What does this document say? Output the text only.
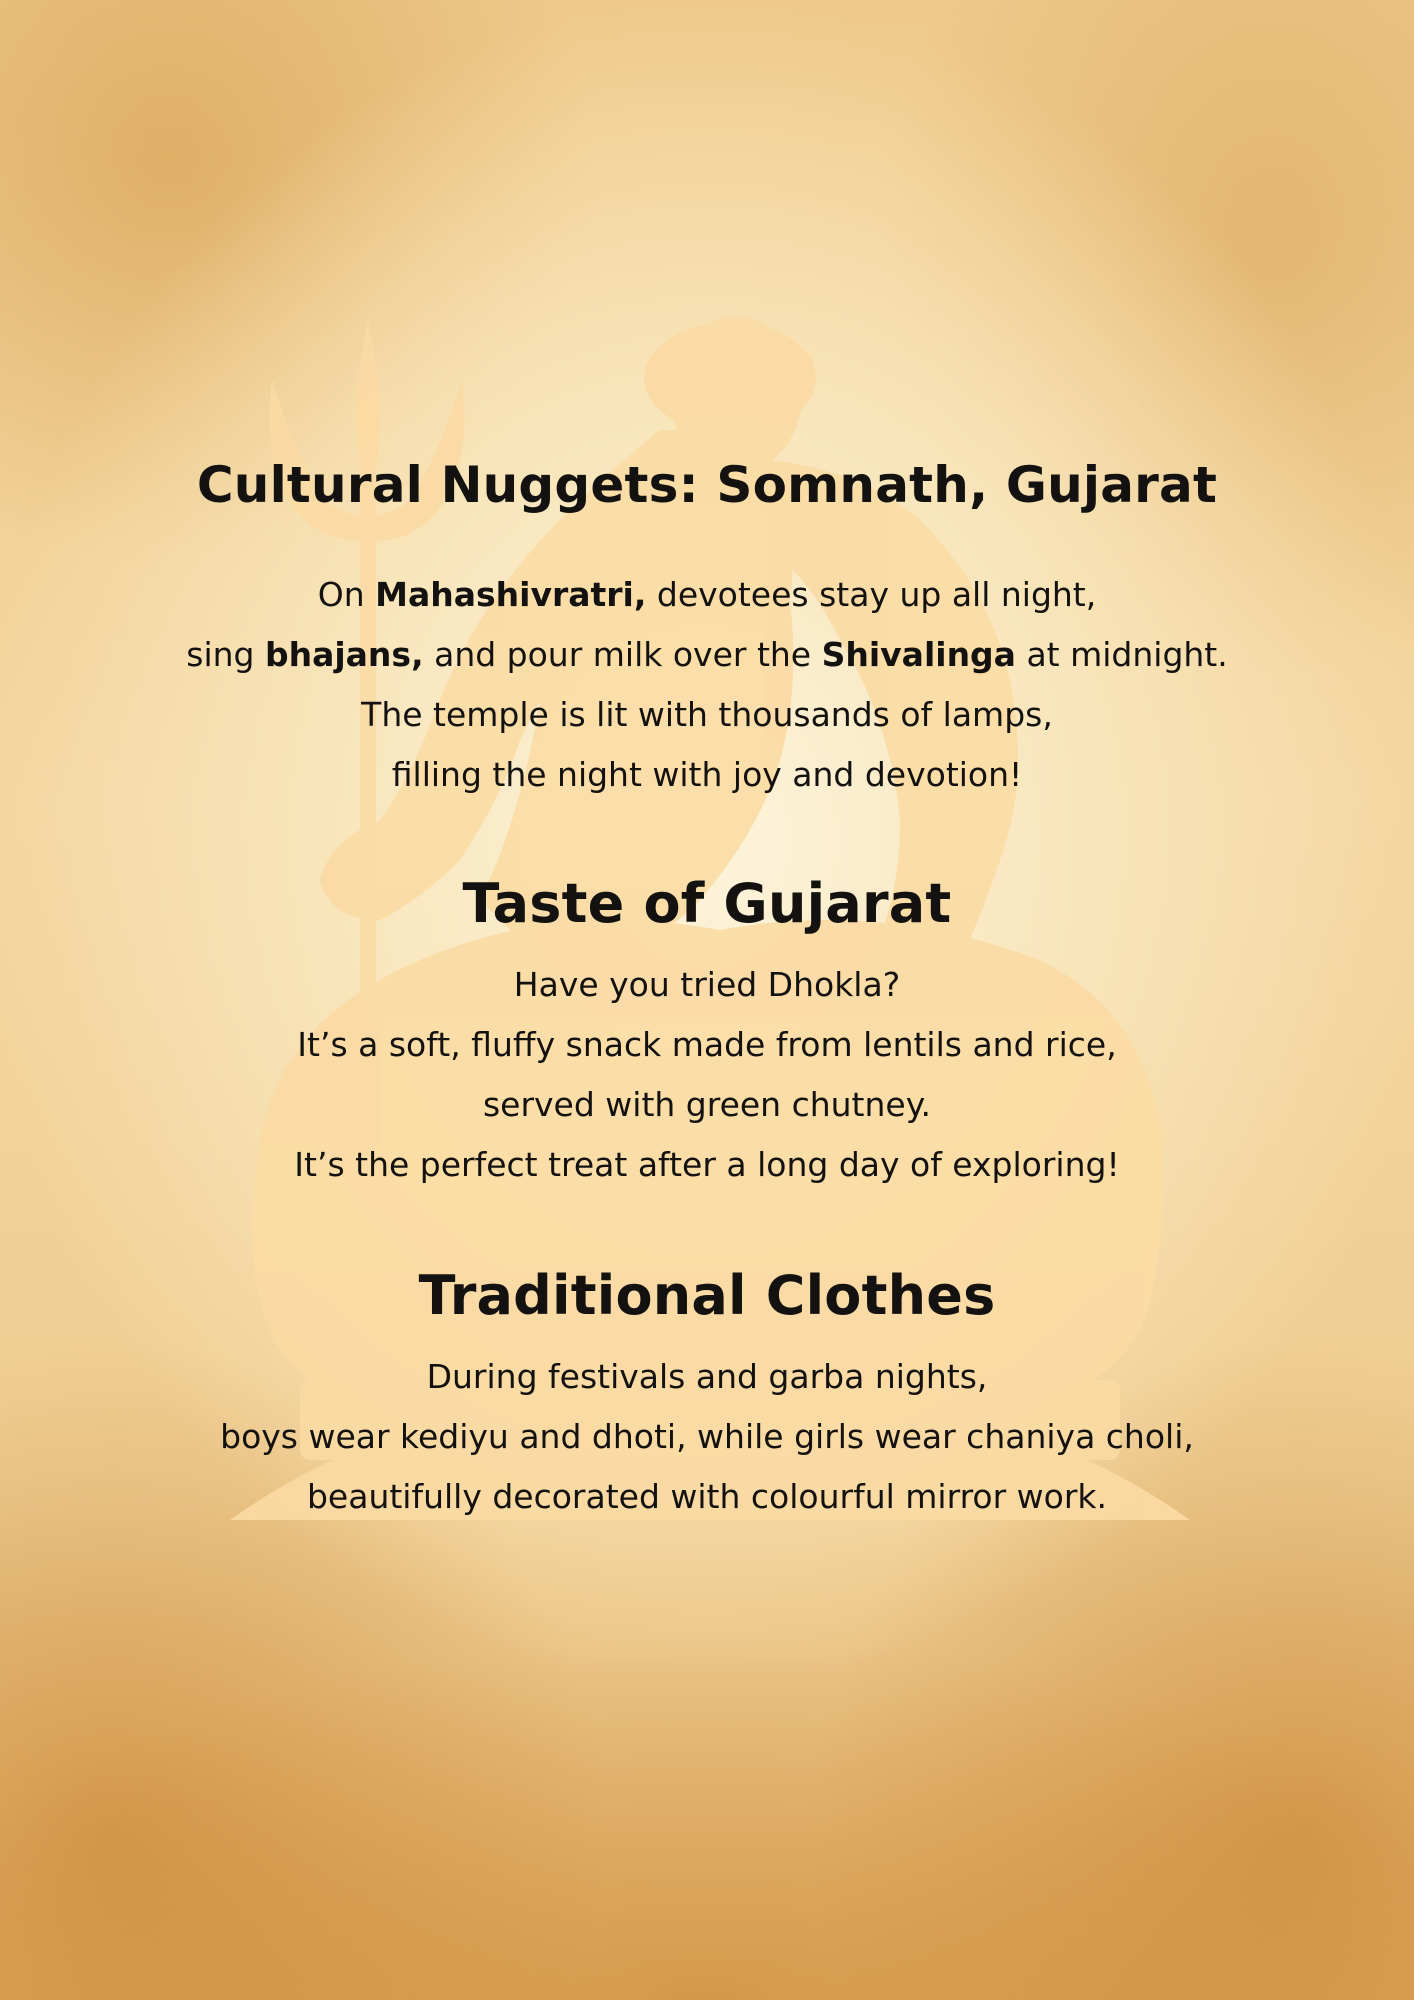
Cultural Nuggets: Somnath, Gujarat

On Mahashivratri, devotees stay up all night,
sing bhajans, and pour milk over the Shivalinga at midnight.
The temple is lit with thousands of lamps,
filling the night with joy and devotion!

Taste of Gujarat

Have you tried Dhokla?
It’s a soft, fluffy snack made from lentils and rice,
served with green chutney.
It’s the perfect treat after a long day of exploring!

Traditional Clothes

During festivals and garba nights,
boys wear kediyu and dhoti, while girls wear chaniya choli,
beautifully decorated with colourful mirror work.
